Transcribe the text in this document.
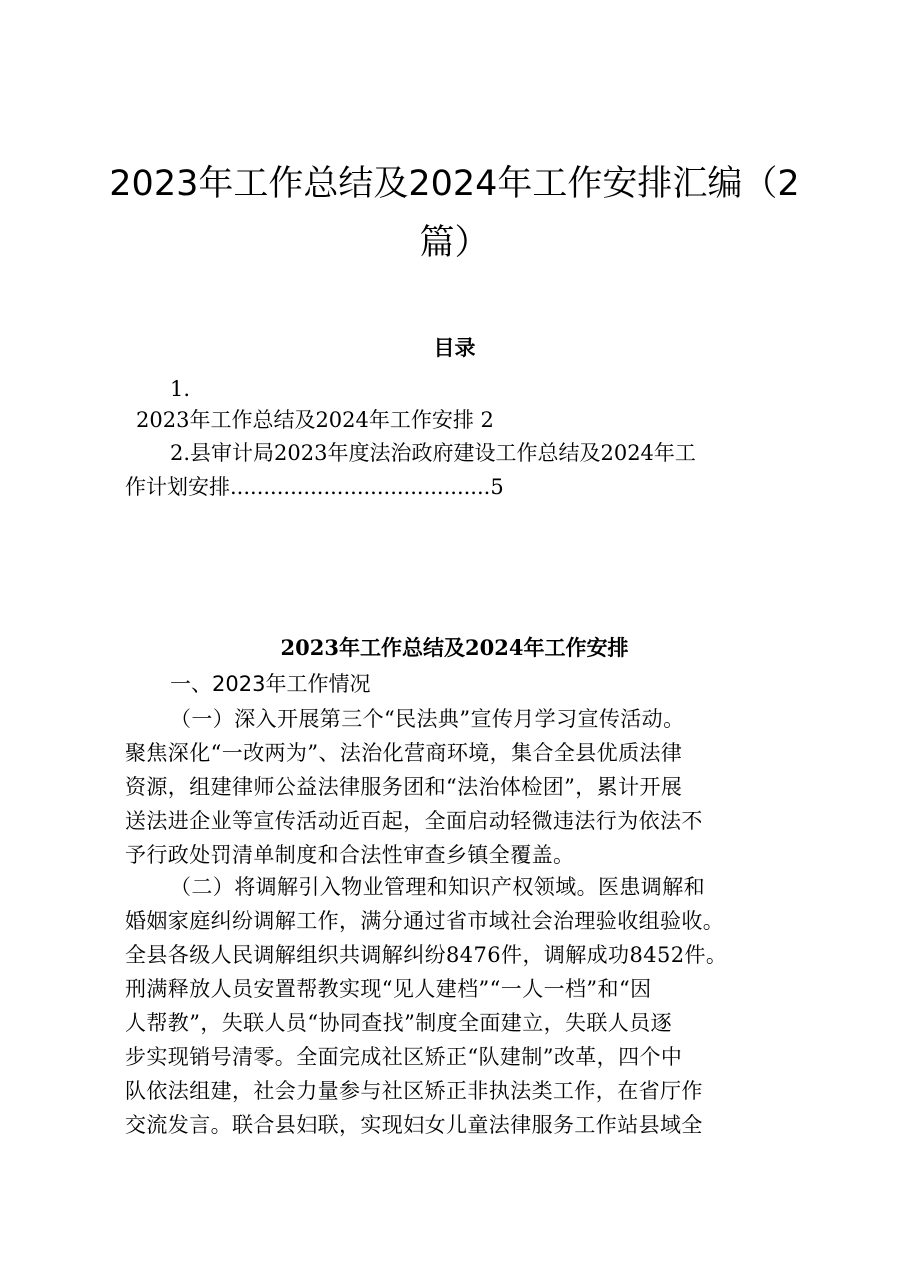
2023年工作总结及2024年工作安排汇编（2
篇）
目录
1.
2023年工作总结及2024年工作安排 2
2.县审计局2023年度法治政府建设工作总结及2024年工
作计划安排.......................................5
2023年工作总结及2024年工作安排
一、2023年工作情况
（一）深入开展第三个“民法典”宣传月学习宣传活动。
聚焦深化“一改两为”、法治化营商环境，集合全县优质法律
资源，组建律师公益法律服务团和“法治体检团”，累计开展
送法进企业等宣传活动近百起，全面启动轻微违法行为依法不
予行政处罚清单制度和合法性审查乡镇全覆盖。
（二）将调解引入物业管理和知识产权领域。医患调解和
婚姻家庭纠纷调解工作，满分通过省市域社会治理验收组验收。
全县各级人民调解组织共调解纠纷8476件，调解成功8452件。
刑满释放人员安置帮教实现“见人建档”“一人一档”和“因
人帮教”，失联人员“协同查找”制度全面建立，失联人员逐
步实现销号清零。全面完成社区矫正“队建制”改革，四个中
队依法组建，社会力量参与社区矫正非执法类工作，在省厅作
交流发言。联合县妇联，实现妇女儿童法律服务工作站县域全
